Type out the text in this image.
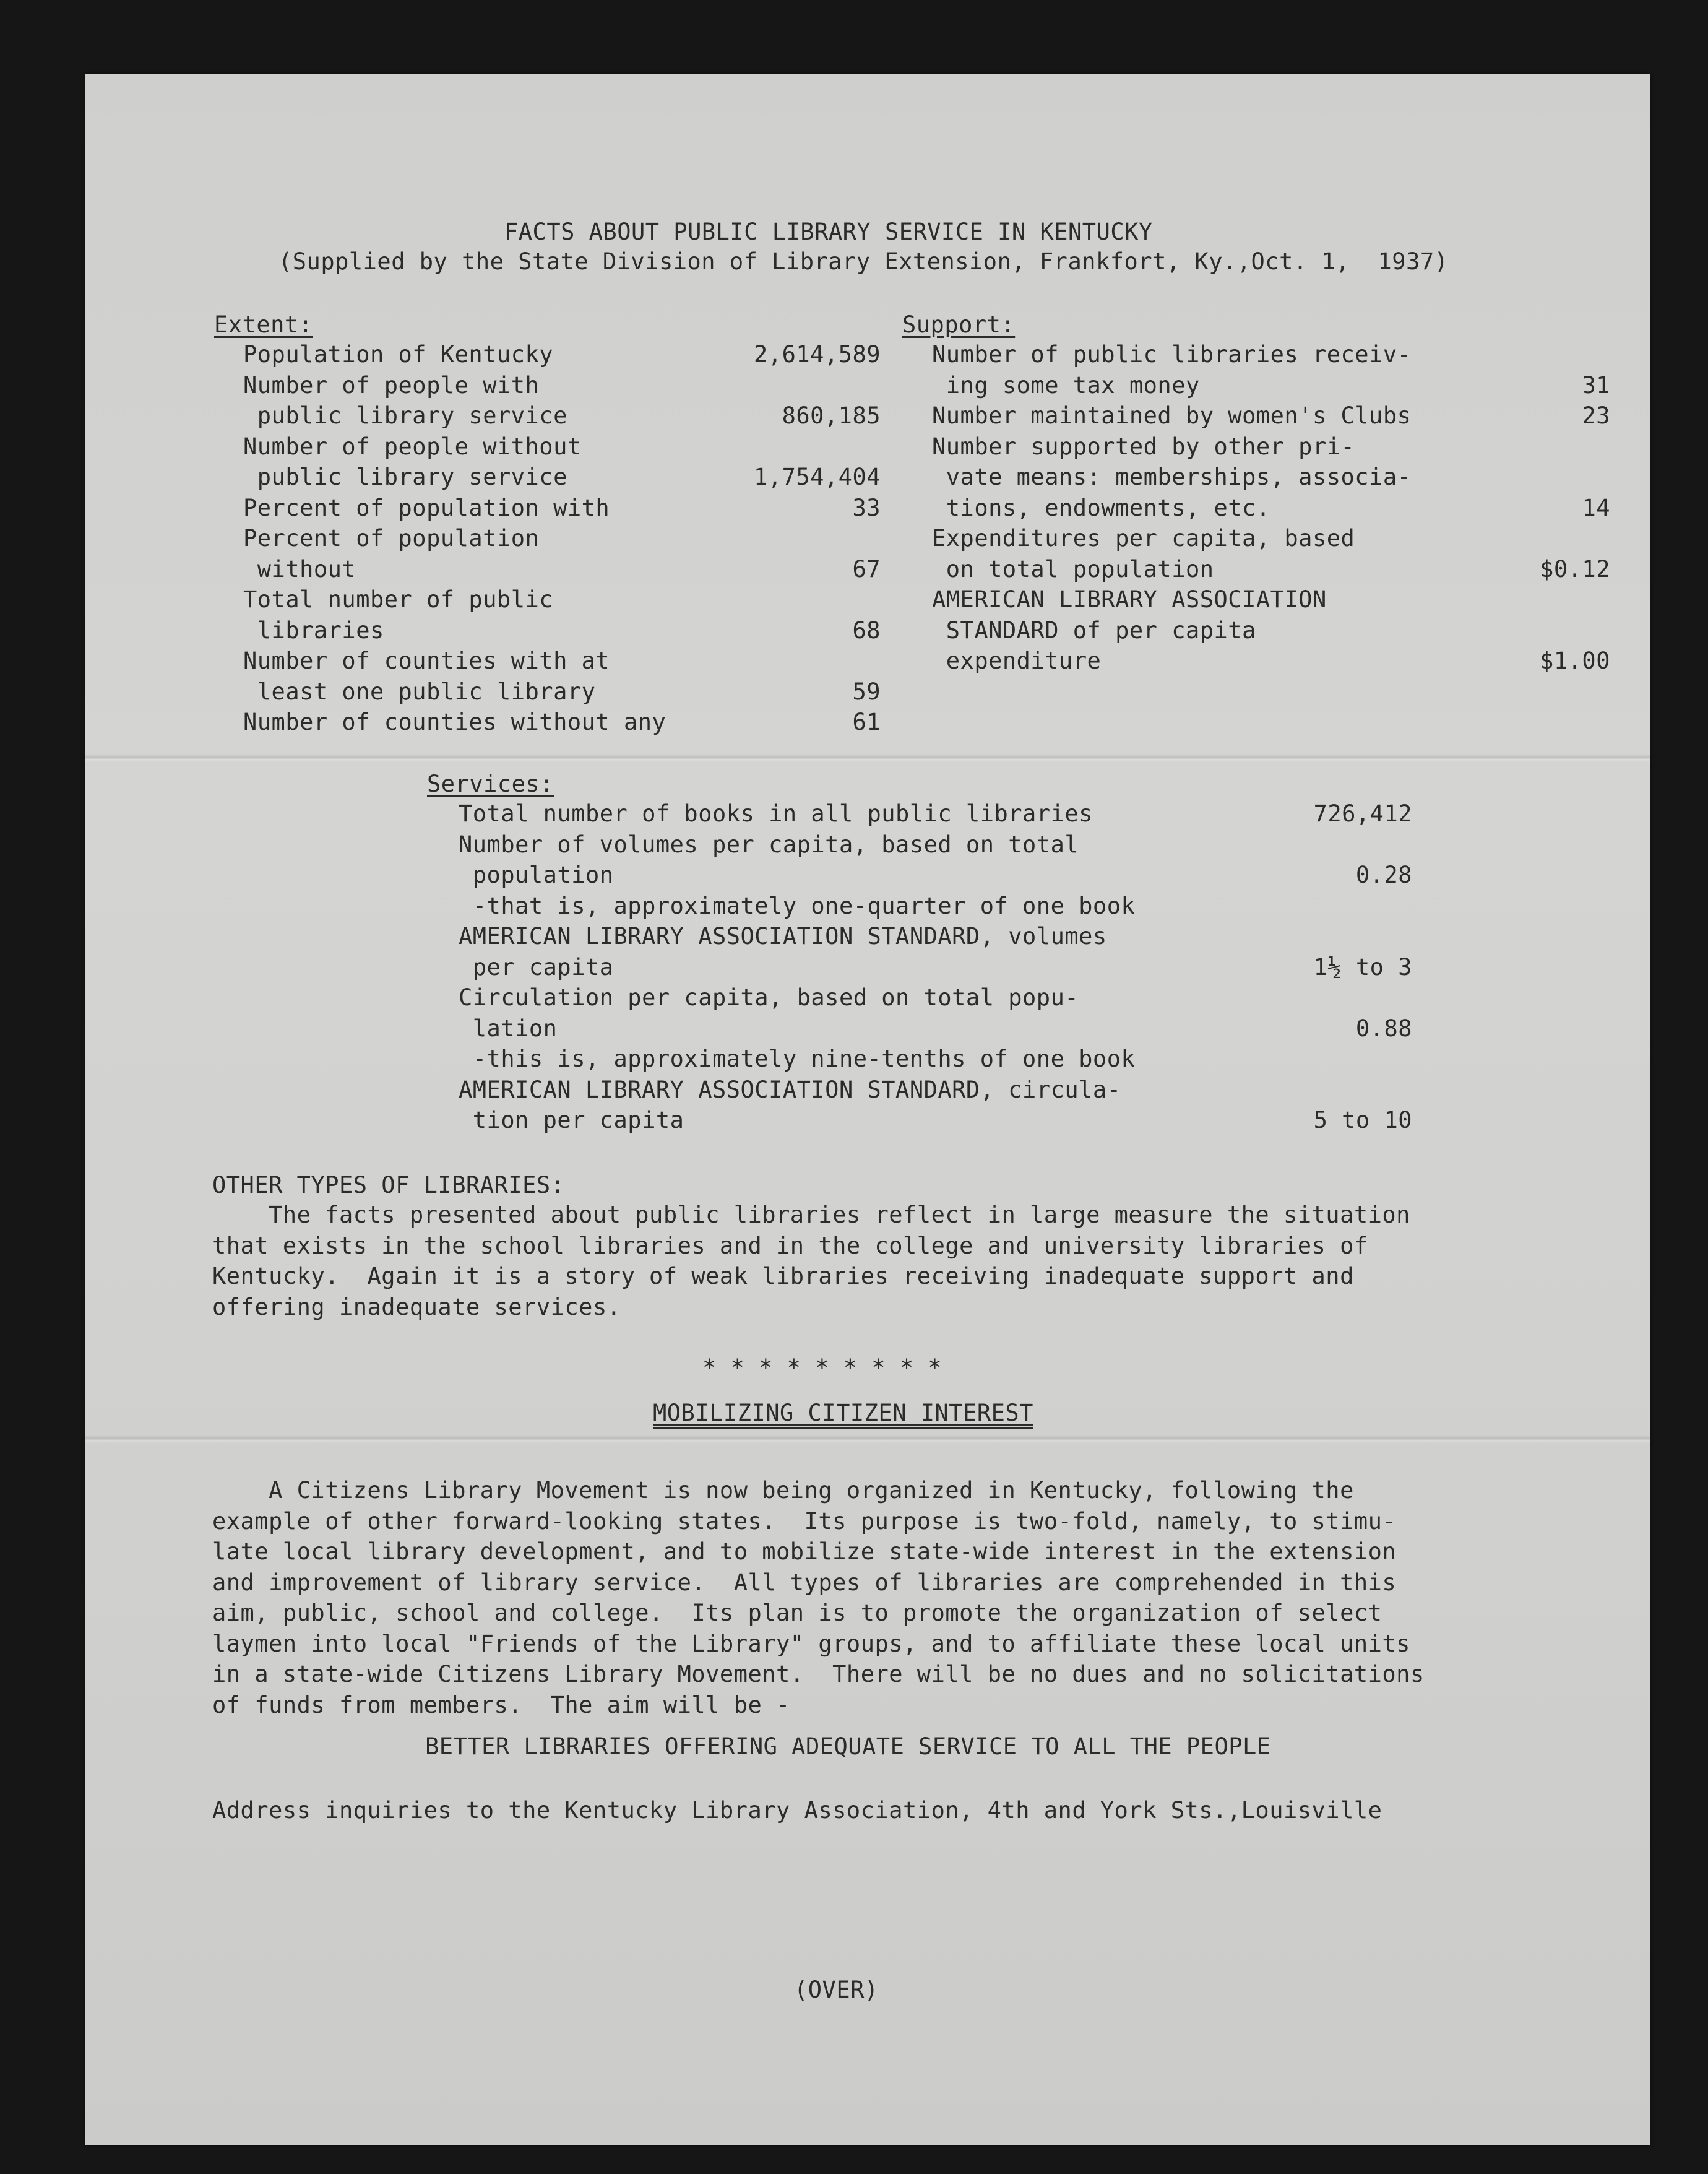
FACTS ABOUT PUBLIC LIBRARY SERVICE IN KENTUCKY
(Supplied by the State Division of Library Extension, Frankfort, Ky.,Oct. 1,  1937)
Extent:
Population of Kentucky	2,614,589
Number of people with
public library service	860,185
Number of people without
public library service	1,754,404
Percent of population with	33
Percent of population
without	67
Total number of public
libraries	68
Number of counties with at
least one public library	59
Number of counties without any	61
Support:
Number of public libraries receiv-
ing some tax money	31
Number maintained by women's Clubs	23
Number supported by other pri-
vate means: memberships, associa-
tions, endowments, etc.	14
Expenditures per capita, based
on total population	$0.12
AMERICAN LIBRARY ASSOCIATION
STANDARD of per capita
expenditure	$1.00
Services:
Total number of books in all public libraries	726,412
Number of volumes per capita, based on total
population	0.28
-that is, approximately one-quarter of one book
AMERICAN LIBRARY ASSOCIATION STANDARD, volumes
per capita	1½ to 3
Circulation per capita, based on total popu-
lation	0.88
-this is, approximately nine-tenths of one book
AMERICAN LIBRARY ASSOCIATION STANDARD, circula-
tion per capita	5 to 10
OTHER TYPES OF LIBRARIES:
The facts presented about public libraries reflect in large measure the situation
that exists in the school libraries and in the college and university libraries of
Kentucky.  Again it is a story of weak libraries receiving inadequate support and
offering inadequate services.
* * * * * * * * *
MOBILIZING CITIZEN INTEREST
A Citizens Library Movement is now being organized in Kentucky, following the
example of other forward-looking states.  Its purpose is two-fold, namely, to stimu-
late local library development, and to mobilize state-wide interest in the extension
and improvement of library service.  All types of libraries are comprehended in this
aim, public, school and college.  Its plan is to promote the organization of select
laymen into local "Friends of the Library" groups, and to affiliate these local units
in a state-wide Citizens Library Movement.  There will be no dues and no solicitations
of funds from members.  The aim will be -
BETTER LIBRARIES OFFERING ADEQUATE SERVICE TO ALL THE PEOPLE
Address inquiries to the Kentucky Library Association, 4th and York Sts.,Louisville
(OVER)
